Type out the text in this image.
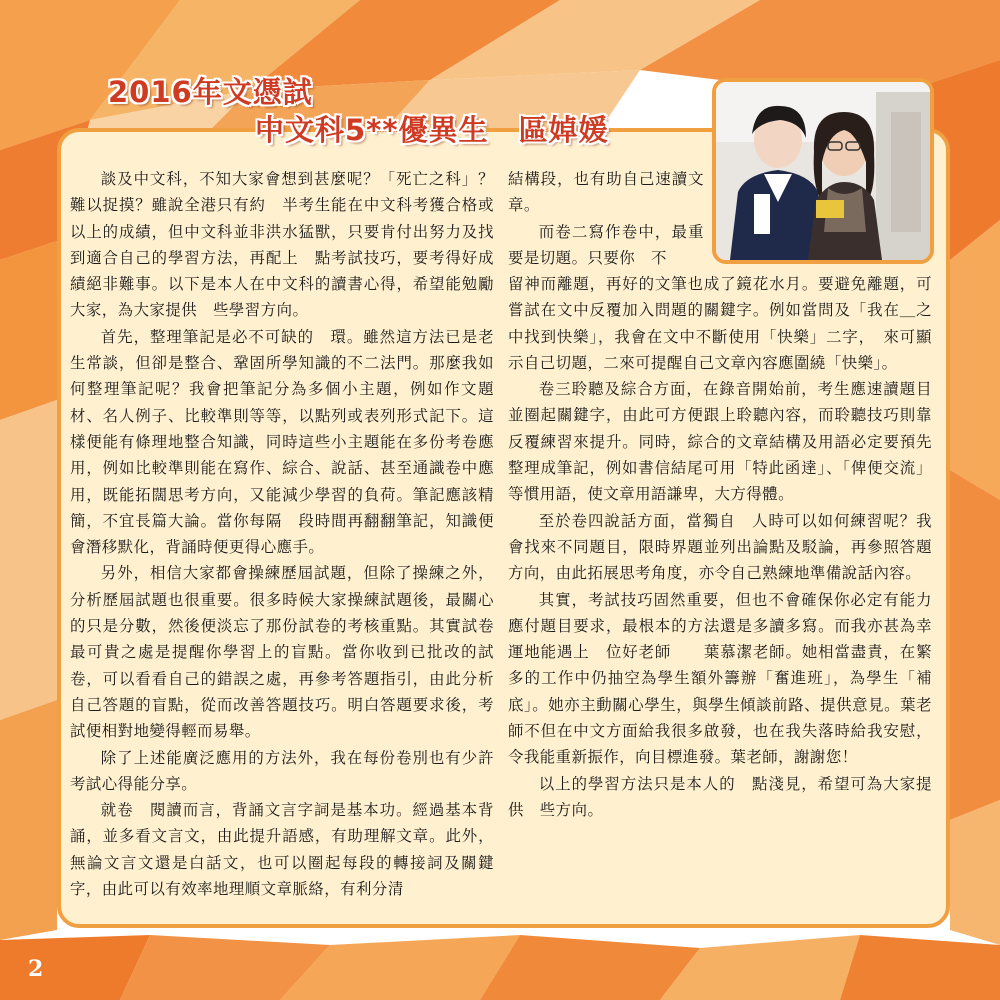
2016年文憑試
中文科5**優異生　區婥媛

談及中文科，不知大家會想到甚麼呢？「死亡之科」？難以捉摸？雖說全港只有約　半考生能在中文科考獲合格或以上的成績，但中文科並非洪水猛獸，只要肯付出努力及找到適合自己的學習方法，再配上　點考試技巧，要考得好成績絕非難事。以下是本人在中文科的讀書心得，希望能勉勵大家，為大家提供　些學習方向。

首先，整理筆記是必不可缺的　環。雖然這方法已是老生常談，但卻是整合、鞏固所學知識的不二法門。那麼我如何整理筆記呢？我會把筆記分為多個小主題，例如作文題材、名人例子、比較準則等等，以點列或表列形式記下。這樣便能有條理地整合知識，同時這些小主題能在多份考卷應用，例如比較準則能在寫作、綜合、說話、甚至通識卷中應用，既能拓闊思考方向，又能減少學習的負荷。筆記應該精簡，不宜長篇大論。當你每隔　段時間再翻翻筆記，知識便會潛移默化，背誦時便更得心應手。

另外，相信大家都會操練歷屆試題，但除了操練之外，分析歷屆試題也很重要。很多時候大家操練試題後，最關心的只是分數，然後便淡忘了那份試卷的考核重點。其實試卷最可貴之處是提醒你學習上的盲點。當你收到已批改的試卷，可以看看自己的錯誤之處，再參考答題指引，由此分析自己答題的盲點，從而改善答題技巧。明白答題要求後，考試便相對地變得輕而易舉。

除了上述能廣泛應用的方法外，我在每份卷別也有少許考試心得能分享。

就卷　閱讀而言，背誦文言字詞是基本功。經過基本背誦，並多看文言文，由此提升語感，有助理解文章。此外，無論文言文還是白話文，也可以圈起每段的轉接詞及關鍵字，由此可以有效率地理順文章脈絡，有利分清

結構段，也有助自己速讀文章。

而卷二寫作卷中，最重要是切題。只要你　不

留神而離題，再好的文筆也成了鏡花水月。要避免離題，可嘗試在文中反覆加入問題的關鍵字。例如當問及「我在＿之中找到快樂」，我會在文中不斷使用「快樂」二字，　來可顯示自己切題，二來可提醒自己文章內容應圍繞「快樂」。

卷三聆聽及綜合方面，在錄音開始前，考生應速讀題目並圈起關鍵字，由此可方便跟上聆聽內容，而聆聽技巧則靠反覆練習來提升。同時，綜合的文章結構及用語必定要預先整理成筆記，例如書信結尾可用「特此函達」、「俾便交流」等慣用語，使文章用語謙卑，大方得體。

至於卷四說話方面，當獨自　人時可以如何練習呢？我會找來不同題目，限時界題並列出論點及駁論，再參照答題方向，由此拓展思考角度，亦令自己熟練地準備說話內容。

其實，考試技巧固然重要，但也不會確保你必定有能力應付題目要求，最根本的方法還是多讀多寫。而我亦甚為幸運地能遇上　位好老師　　葉慕潔老師。她相當盡責，在繁多的工作中仍抽空為學生額外籌辦「奮進班」，為學生「補底」。她亦主動關心學生，與學生傾談前路、提供意見。葉老師不但在中文方面給我很多啟發，也在我失落時給我安慰，令我能重新振作，向目標進發。葉老師，謝謝您！

以上的學習方法只是本人的　點淺見，希望可為大家提供　些方向。

2
